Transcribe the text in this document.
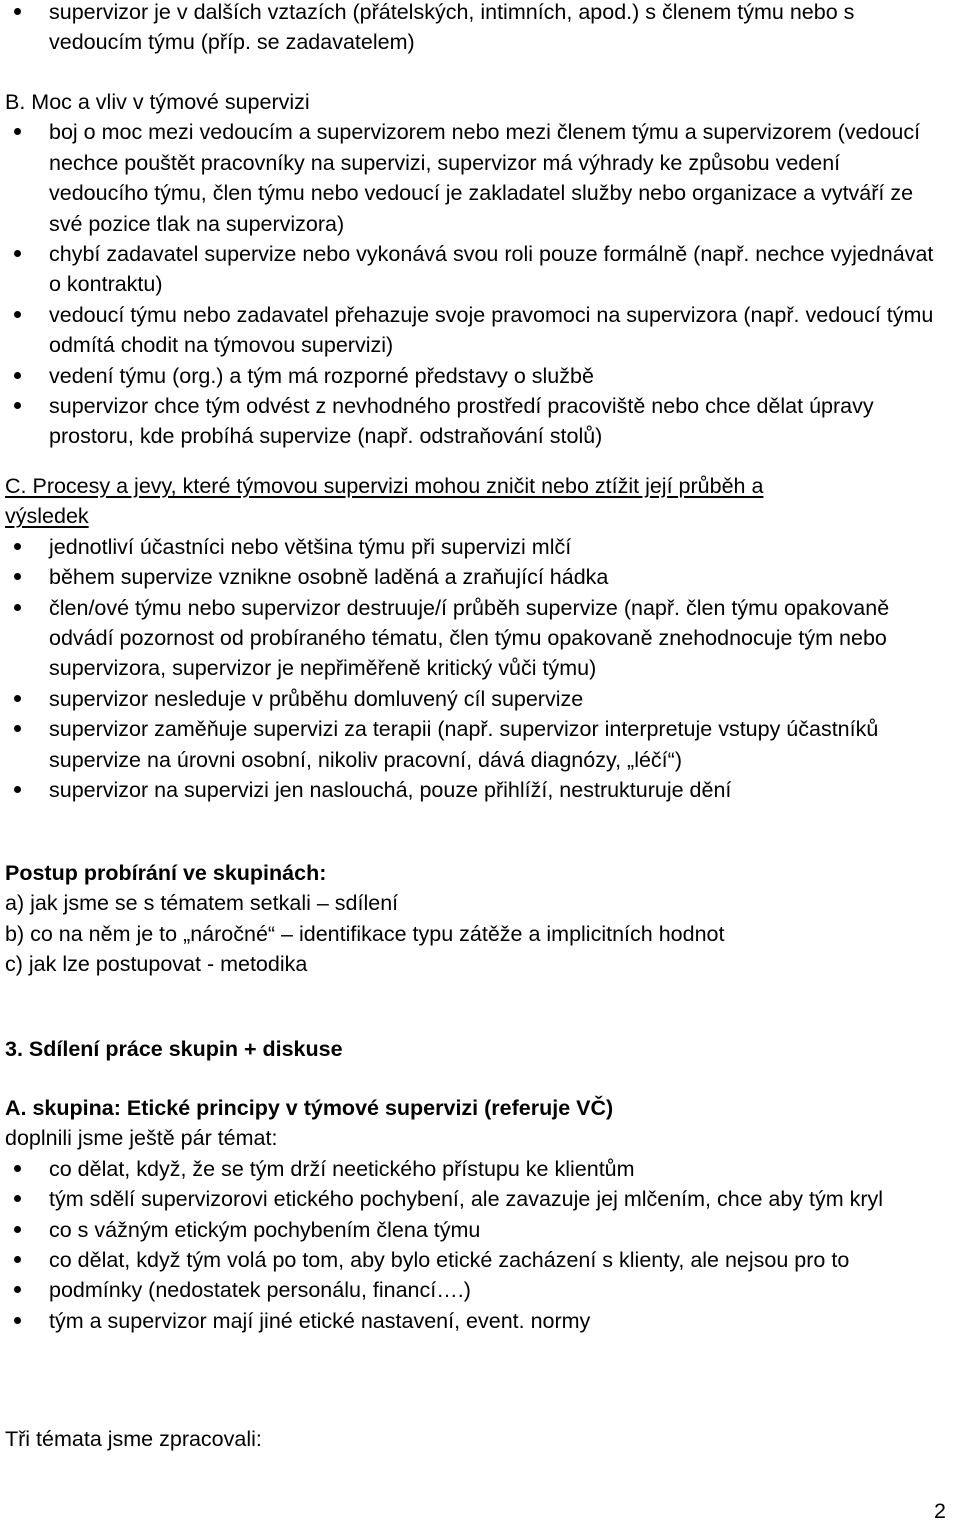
supervizor je v dalších vztazích (přátelských, intimních, apod.) s členem týmu nebo s vedoucím týmu (příp. se zadavatelem)
B. Moc a vliv v týmové supervizi
boj o moc mezi vedoucím a supervizorem nebo mezi členem týmu a supervizorem (vedoucí nechce pouštět pracovníky na supervizi, supervizor má výhrady ke způsobu vedení vedoucího týmu, člen týmu nebo vedoucí je zakladatel služby nebo organizace a vytváří ze své pozice tlak na supervizora)
chybí zadavatel supervize nebo vykonává svou roli pouze formálně (např. nechce vyjednávat o kontraktu)
vedoucí týmu nebo zadavatel přehazuje svoje pravomoci na supervizora (např. vedoucí týmu odmítá chodit na týmovou supervizi)
vedení týmu (org.) a tým má rozporné představy o službě
supervizor chce tým odvést z nevhodného prostředí pracoviště nebo chce dělat úpravy prostoru, kde probíhá supervize (např. odstraňování stolů)
C. Procesy a jevy, které týmovou supervizi mohou zničit nebo ztížit její průběh a
výsledek
jednotliví účastníci nebo většina týmu při supervizi mlčí
během supervize vznikne osobně laděná a zraňující hádka
člen/ové týmu nebo supervizor destruuje/í průběh supervize (např. člen týmu opakovaně odvádí pozornost od probíraného tématu, člen týmu opakovaně znehodnocuje tým nebo supervizora, supervizor je nepřiměřeně kritický vůči týmu)
supervizor nesleduje v průběhu domluvený cíl supervize
supervizor zaměňuje supervizi za terapii (např. supervizor interpretuje vstupy účastníků supervize na úrovni osobní, nikoliv pracovní, dává diagnózy, „léčí“)
supervizor na supervizi jen naslouchá, pouze přihlíží, nestrukturuje dění
Postup probírání ve skupinách:
a) jak jsme se s tématem setkali – sdílení
b) co na něm je to „náročné“ – identifikace typu zátěže a implicitních hodnot
c) jak lze postupovat - metodika
3. Sdílení práce skupin + diskuse
A. skupina: Etické principy v týmové supervizi (referuje VČ)
doplnili jsme ještě pár témat:
co dělat, když, že se tým drží neetického přístupu ke klientům
tým sdělí supervizorovi etického pochybení, ale zavazuje jej mlčením, chce aby tým kryl
co s vážným etickým pochybením člena týmu
co dělat, když tým volá po tom, aby bylo etické zacházení s klienty, ale nejsou pro to
podmínky (nedostatek personálu, financí….)
tým a supervizor mají jiné etické nastavení, event. normy
Tři témata jsme zpracovali:
2
